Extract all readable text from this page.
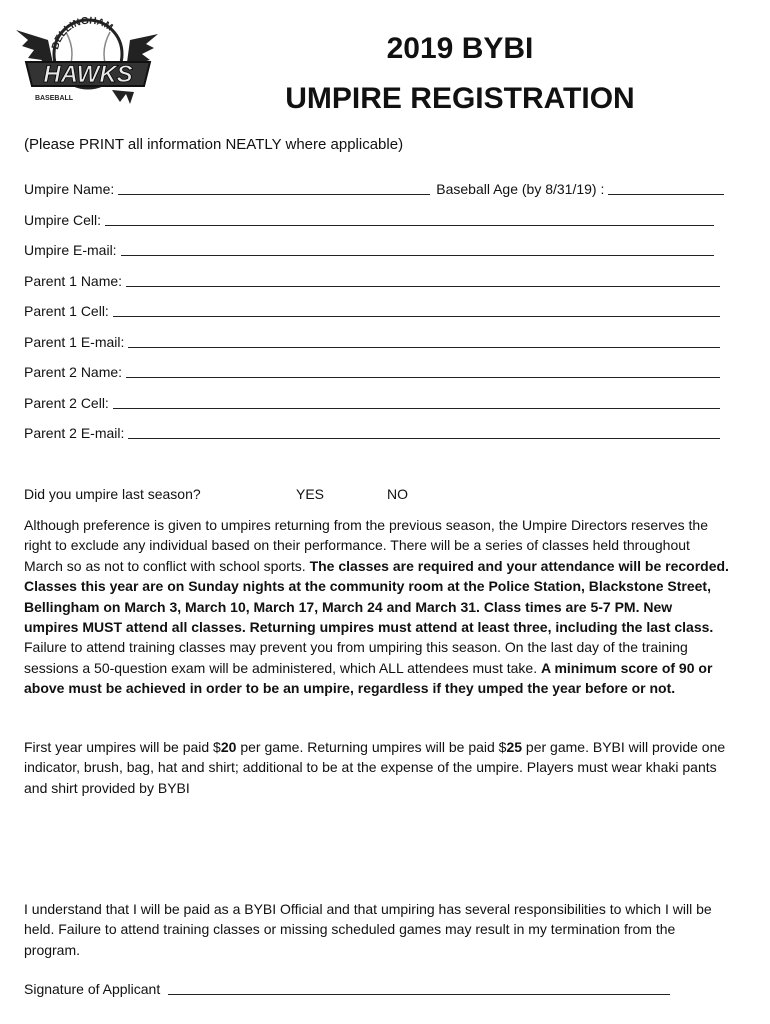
BELLINGHAM
HAWKS
BASEBALL
2019 BYBI
UMPIRE REGISTRATION
(Please PRINT all information NEATLY where applicable)
Umpire Name:	Baseball Age (by 8/31/19) :
Umpire Cell:
Umpire E-mail:
Parent 1 Name:
Parent 1 Cell:
Parent 1 E-mail:
Parent 2 Name:
Parent 2 Cell:
Parent 2 E-mail:
Did you umpire last season?	YES	NO
Although preference is given to umpires returning from the previous season, the Umpire Directors reserves the right to exclude any individual based on their performance. There will be a series of classes held throughout March so as not to conflict with school sports. The classes are required and your attendance will be recorded. Classes this year are on Sunday nights at the community room at the Police Station, Blackstone Street, Bellingham on March 3, March 10, March 17, March 24 and March 31. Class times are 5-7 PM. New umpires MUST attend all classes. Returning umpires must attend at least three, including the last class. Failure to attend training classes may prevent you from umpiring this season. On the last day of the training sessions a 50-question exam will be administered, which ALL attendees must take. A minimum score of 90 or above must be achieved in order to be an umpire, regardless if they umped the year before or not.
First year umpires will be paid $20 per game. Returning umpires will be paid $25 per game. BYBI will provide one indicator, brush, bag, hat and shirt; additional to be at the expense of the umpire. Players must wear khaki pants and shirt provided by BYBI
I understand that I will be paid as a BYBI Official and that umpiring has several responsibilities to which I will be held. Failure to attend training classes or missing scheduled games may result in my termination from the program.
Signature of Applicant
